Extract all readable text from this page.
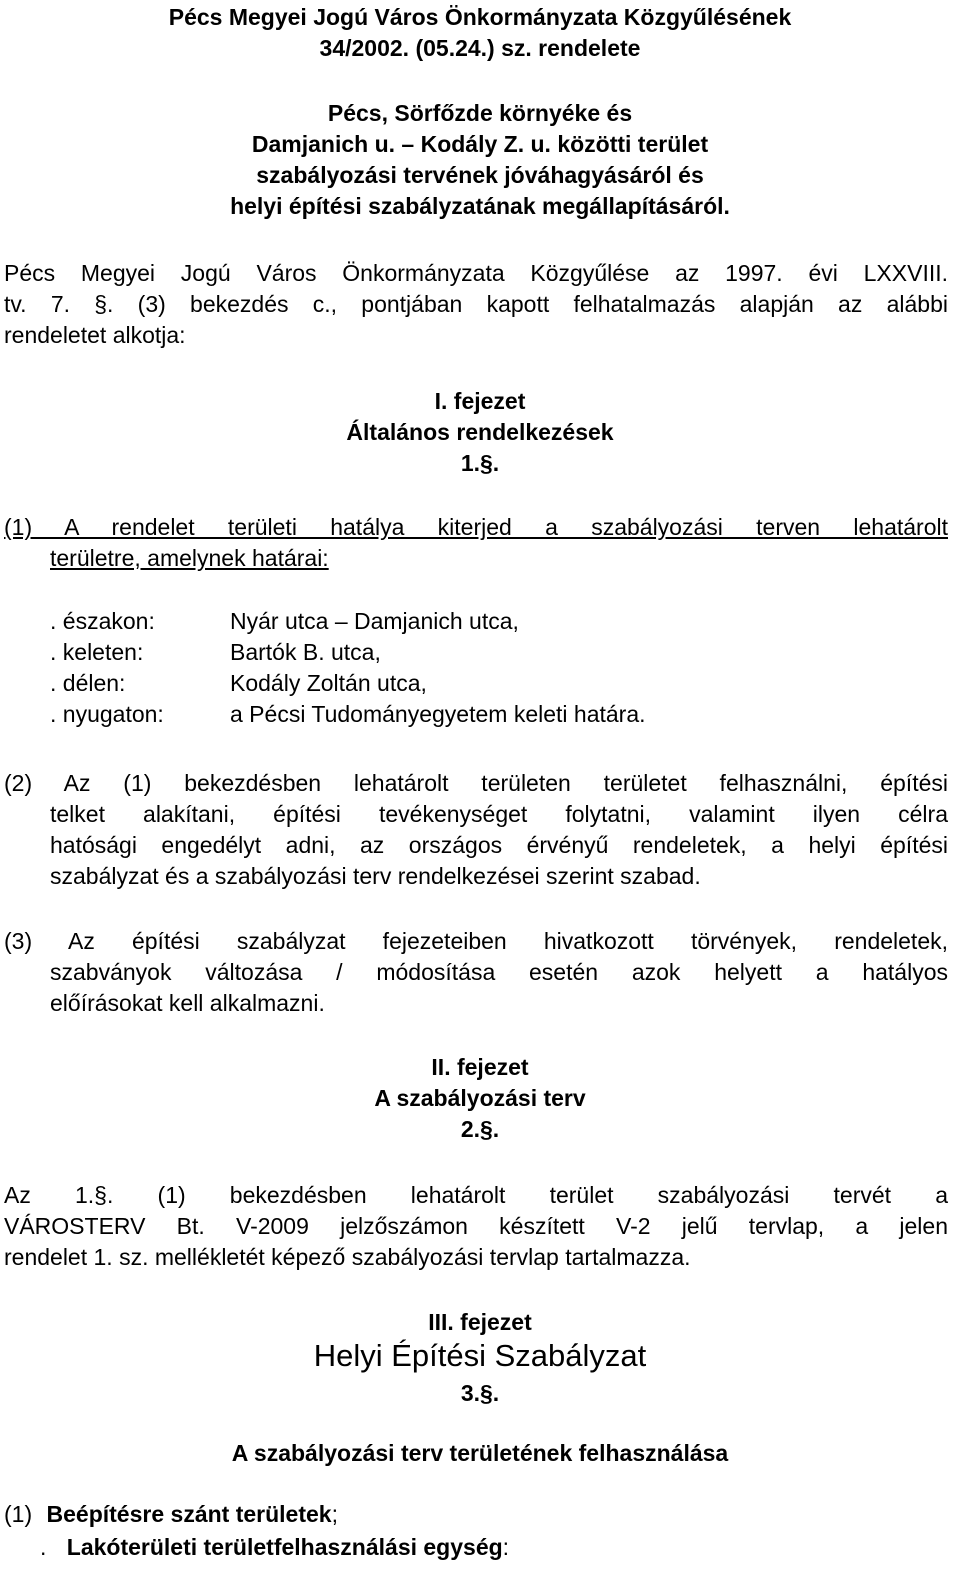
Pécs Megyei Jogú Város Önkormányzata Közgyűlésének
34/2002. (05.24.) sz. rendelete
Pécs, Sörfőzde környéke és
Damjanich u. – Kodály Z. u. közötti terület
szabályozási tervének jóváhagyásáról és
helyi építési szabályzatának megállapításáról.
Pécs Megyei Jogú Város Önkormányzata Közgyűlése az 1997. évi LXXVIII.
tv. 7. §. (3) bekezdés c., pontjában kapott felhatalmazás alapján az alábbi
rendeletet alkotja:
I. fejezet
Általános rendelkezések
1.§.
(1) A rendelet területi hatálya kiterjed a szabályozási terven lehatárolt
területre, amelynek határai:
. északon:	Nyár utca – Damjanich utca,
. keleten:	Bartók B. utca,
. délen:	Kodály Zoltán utca,
. nyugaton:	a Pécsi Tudományegyetem keleti határa.
(2) Az (1) bekezdésben lehatárolt területen területet felhasználni, építési
telket alakítani, építési tevékenységet folytatni, valamint ilyen célra
hatósági engedélyt adni, az országos érvényű rendeletek, a helyi építési
szabályzat és a szabályozási terv rendelkezései szerint szabad.
(3) Az építési szabályzat fejezeteiben hivatkozott törvények, rendeletek,
szabványok változása / módosítása esetén azok helyett a hatályos
előírásokat kell alkalmazni.
II. fejezet
A szabályozási terv
2.§.
Az 1.§. (1) bekezdésben lehatárolt terület szabályozási tervét a
VÁROSTERV Bt. V-2009 jelzőszámon készített V-2 jelű tervlap, a jelen
rendelet 1. sz. mellékletét képező szabályozási tervlap tartalmazza.
III. fejezet
Helyi Építési Szabályzat
3.§.
A szabályozási terv területének felhasználása
(1) Beépítésre szánt területek;
. Lakóterületi területfelhasználási egység:
